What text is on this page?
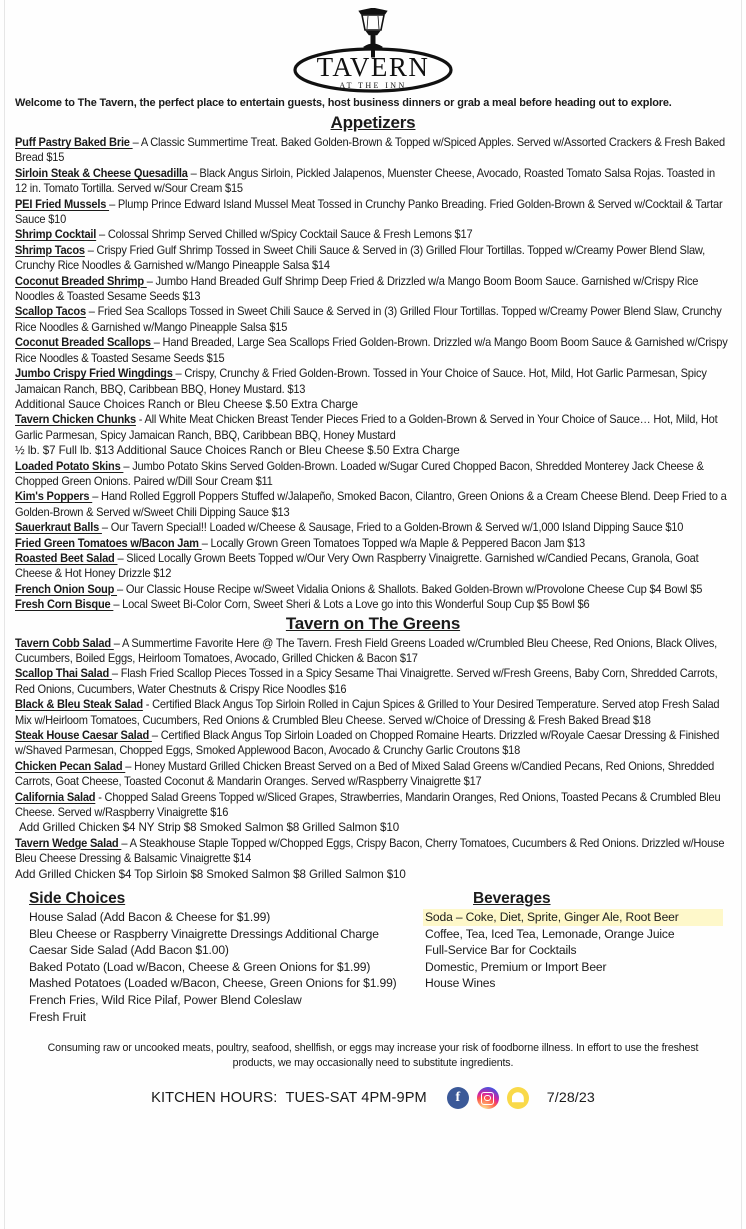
TAVERN
AT THE INN

Welcome to The Tavern, the perfect place to entertain guests, host business dinners or grab a meal before heading out to explore.

Appetizers

Puff Pastry Baked Brie – A Classic Summertime Treat. Baked Golden-Brown & Topped w/Spiced Apples. Served w/Assorted Crackers & Fresh Baked Bread $15

Sirloin Steak & Cheese Quesadilla – Black Angus Sirloin, Pickled Jalapenos, Muenster Cheese, Avocado, Roasted Tomato Salsa Rojas. Toasted in 12 in. Tomato Tortilla. Served w/Sour Cream $15

PEI Fried Mussels – Plump Prince Edward Island Mussel Meat Tossed in Crunchy Panko Breading. Fried Golden-Brown & Served w/Cocktail & Tartar Sauce $10

Shrimp Cocktail – Colossal Shrimp Served Chilled w/Spicy Cocktail Sauce & Fresh Lemons $17

Shrimp Tacos – Crispy Fried Gulf Shrimp Tossed in Sweet Chili Sauce & Served in (3) Grilled Flour Tortillas. Topped w/Creamy Power Blend Slaw, Crunchy Rice Noodles & Garnished w/Mango Pineapple Salsa $14

Coconut Breaded Shrimp – Jumbo Hand Breaded Gulf Shrimp Deep Fried & Drizzled w/a Mango Boom Boom Sauce. Garnished w/Crispy Rice Noodles & Toasted Sesame Seeds $13

Scallop Tacos – Fried Sea Scallops Tossed in Sweet Chili Sauce & Served in (3) Grilled Flour Tortillas. Topped w/Creamy Power Blend Slaw, Crunchy Rice Noodles & Garnished w/Mango Pineapple Salsa $15

Coconut Breaded Scallops – Hand Breaded, Large Sea Scallops Fried Golden-Brown. Drizzled w/a Mango Boom Boom Sauce & Garnished w/Crispy Rice Noodles & Toasted Sesame Seeds $15

Jumbo Crispy Fried Wingdings – Crispy, Crunchy & Fried Golden-Brown. Tossed in Your Choice of Sauce. Hot, Mild, Hot Garlic Parmesan, Spicy Jamaican Ranch, BBQ, Caribbean BBQ, Honey Mustard. $13

Additional Sauce Choices Ranch or Bleu Cheese $.50 Extra Charge

Tavern Chicken Chunks - All White Meat Chicken Breast Tender Pieces Fried to a Golden-Brown & Served in Your Choice of Sauce… Hot, Mild, Hot Garlic Parmesan, Spicy Jamaican Ranch, BBQ, Caribbean BBQ, Honey Mustard

½ lb. $7 Full lb. $13 Additional Sauce Choices Ranch or Bleu Cheese $.50 Extra Charge

Loaded Potato Skins – Jumbo Potato Skins Served Golden-Brown. Loaded w/Sugar Cured Chopped Bacon, Shredded Monterey Jack Cheese & Chopped Green Onions. Paired w/Dill Sour Cream $11

Kim's Poppers – Hand Rolled Eggroll Poppers Stuffed w/Jalapeño, Smoked Bacon, Cilantro, Green Onions & a Cream Cheese Blend. Deep Fried to a Golden-Brown & Served w/Sweet Chili Dipping Sauce $13

Sauerkraut Balls – Our Tavern Special!! Loaded w/Cheese & Sausage, Fried to a Golden-Brown & Served w/1,000 Island Dipping Sauce $10

Fried Green Tomatoes w/Bacon Jam – Locally Grown Green Tomatoes Topped w/a Maple & Peppered Bacon Jam $13

Roasted Beet Salad – Sliced Locally Grown Beets Topped w/Our Very Own Raspberry Vinaigrette. Garnished w/Candied Pecans, Granola, Goat Cheese & Hot Honey Drizzle $12

French Onion Soup – Our Classic House Recipe w/Sweet Vidalia Onions & Shallots. Baked Golden-Brown w/Provolone Cheese Cup $4 Bowl $5

Fresh Corn Bisque – Local Sweet Bi-Color Corn, Sweet Sheri & Lots a Love go into this Wonderful Soup Cup $5 Bowl $6

Tavern on The Greens

Tavern Cobb Salad – A Summertime Favorite Here @ The Tavern. Fresh Field Greens Loaded w/Crumbled Bleu Cheese, Red Onions, Black Olives, Cucumbers, Boiled Eggs, Heirloom Tomatoes, Avocado, Grilled Chicken & Bacon $17

Scallop Thai Salad – Flash Fried Scallop Pieces Tossed in a Spicy Sesame Thai Vinaigrette. Served w/Fresh Greens, Baby Corn, Shredded Carrots, Red Onions, Cucumbers, Water Chestnuts & Crispy Rice Noodles $16

Black & Bleu Steak Salad - Certified Black Angus Top Sirloin Rolled in Cajun Spices & Grilled to Your Desired Temperature. Served atop Fresh Salad Mix w/Heirloom Tomatoes, Cucumbers, Red Onions & Crumbled Bleu Cheese. Served w/Choice of Dressing & Fresh Baked Bread $18

Steak House Caesar Salad – Certified Black Angus Top Sirloin Loaded on Chopped Romaine Hearts. Drizzled w/Royale Caesar Dressing & Finished w/Shaved Parmesan, Chopped Eggs, Smoked Applewood Bacon, Avocado & Crunchy Garlic Croutons $18

Chicken Pecan Salad – Honey Mustard Grilled Chicken Breast Served on a Bed of Mixed Salad Greens w/Candied Pecans, Red Onions, Shredded Carrots, Goat Cheese, Toasted Coconut & Mandarin Oranges. Served w/Raspberry Vinaigrette $17

California Salad - Chopped Salad Greens Topped w/Sliced Grapes, Strawberries, Mandarin Oranges, Red Onions, Toasted Pecans & Crumbled Bleu Cheese. Served w/Raspberry Vinaigrette $16

Add Grilled Chicken $4 NY Strip $8 Smoked Salmon $8 Grilled Salmon $10

Tavern Wedge Salad – A Steakhouse Staple Topped w/Chopped Eggs, Crispy Bacon, Cherry Tomatoes, Cucumbers & Red Onions. Drizzled w/House Bleu Cheese Dressing & Balsamic Vinaigrette $14

Add Grilled Chicken $4 Top Sirloin $8 Smoked Salmon $8 Grilled Salmon $10

Side Choices
House Salad (Add Bacon & Cheese for $1.99)
Bleu Cheese or Raspberry Vinaigrette Dressings Additional Charge
Caesar Side Salad (Add Bacon $1.00)
Baked Potato (Load w/Bacon, Cheese & Green Onions for $1.99)
Mashed Potatoes (Loaded w/Bacon, Cheese, Green Onions for $1.99)
French Fries, Wild Rice Pilaf, Power Blend Coleslaw
Fresh Fruit
Beverages
Soda – Coke, Diet, Sprite, Ginger Ale, Root Beer
Coffee, Tea, Iced Tea, Lemonade, Orange Juice
Full-Service Bar for Cocktails
Domestic, Premium or Import Beer
House Wines

Consuming raw or uncooked meats, poultry, seafood, shellfish, or eggs may increase your risk of foodborne illness. In effort to use the freshest products, we may occasionally need to substitute ingredients.

KITCHEN HOURS:  TUES-SAT 4PM-9PM	f	7/28/23
